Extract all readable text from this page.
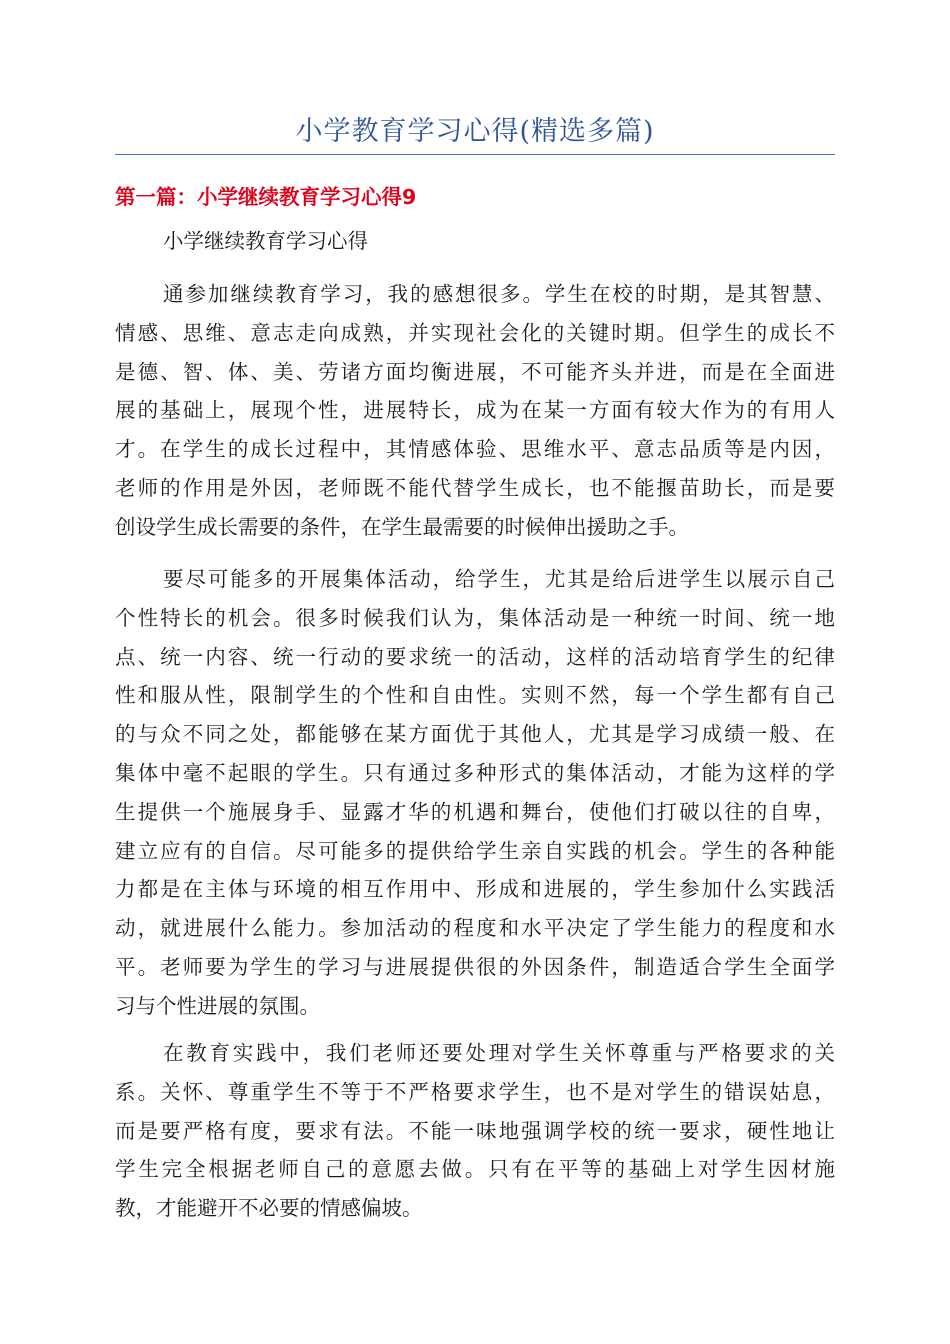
小学教育学习心得(精选多篇)
第一篇：小学继续教育学习心得9

小学继续教育学习心得

通参加继续教育学习，我的感想很多。学生在校的时期，是其智慧、
情感、思维、意志走向成熟，并实现社会化的关键时期。但学生的成长不
是德、智、体、美、劳诸方面均衡进展，不可能齐头并进，而是在全面进
展的基础上，展现个性，进展特长，成为在某一方面有较大作为的有用人
才。在学生的成长过程中，其情感体验、思维水平、意志品质等是内因，
老师的作用是外因，老师既不能代替学生成长，也不能揠苗助长，而是要
创设学生成长需要的条件，在学生最需要的时候伸出援助之手。
要尽可能多的开展集体活动，给学生，尤其是给后进学生以展示自己
个性特长的机会。很多时候我们认为，集体活动是一种统一时间、统一地
点、统一内容、统一行动的要求统一的活动，这样的活动培育学生的纪律
性和服从性，限制学生的个性和自由性。实则不然，每一个学生都有自己
的与众不同之处，都能够在某方面优于其他人，尤其是学习成绩一般、在
集体中毫不起眼的学生。只有通过多种形式的集体活动，才能为这样的学
生提供一个施展身手、显露才华的机遇和舞台，使他们打破以往的自卑，
建立应有的自信。尽可能多的提供给学生亲自实践的机会。学生的各种能
力都是在主体与环境的相互作用中、形成和进展的，学生参加什么实践活
动，就进展什么能力。参加活动的程度和水平决定了学生能力的程度和水
平。老师要为学生的学习与进展提供很的外因条件，制造适合学生全面学
习与个性进展的氛围。
在教育实践中，我们老师还要处理对学生关怀尊重与严格要求的关
系。关怀、尊重学生不等于不严格要求学生，也不是对学生的错误姑息，
而是要严格有度，要求有法。不能一味地强调学校的统一要求，硬性地让
学生完全根据老师自己的意愿去做。只有在平等的基础上对学生因材施
教，才能避开不必要的情感偏坡。
